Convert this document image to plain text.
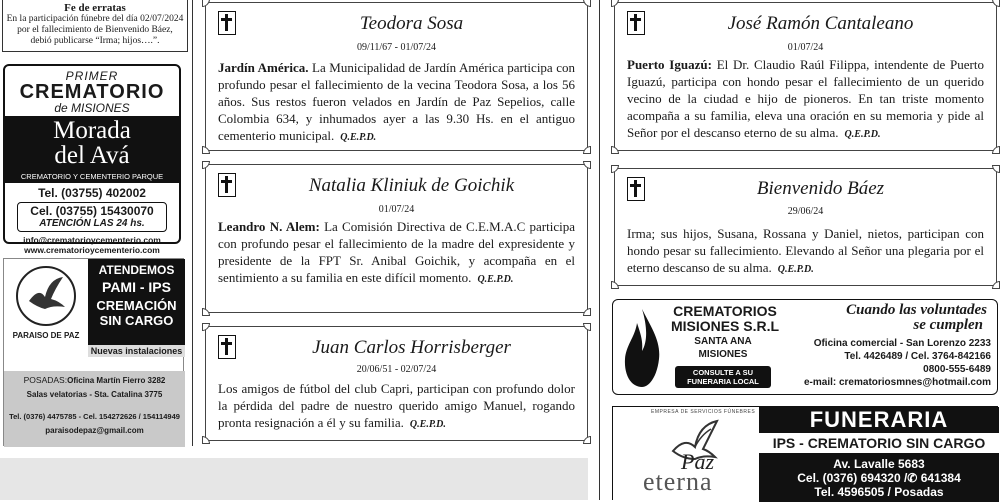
Fe de erratas
En la participación fúnebre del día 02/07/2024
por el fallecimiento de Bienvenido Báez,
debió publicarse “Irma; hijos….”.
PRIMER
CREMATORIO
de MISIONES
Morada
del Avá
CREMATORIO Y CEMENTERIO PARQUE
Tel. (03755) 402002
Cel. (03755) 15430070
ATENCIÓN LAS 24 hs.
info@crematorioycementerio.com
www.crematorioycementerio.com
PARAISO DE PAZ
ATENDEMOS
PAMI - IPS
CREMACIÓN
SIN CARGO
Nuevas instalaciones
POSADAS:Oficina Martín Fierro 3282
Salas velatorias - Sta. Catalina 3775
Tel. (0376) 4475785 - Cel. 154272626 / 154114949
paraisodepaz@gmail.com
Teodora Sosa
09/11/67 - 01/07/24
Jardín América. La Municipalidad de Jardín América participa con profundo pesar el fallecimiento de la vecina Teodora Sosa, a los 56 años. Sus restos fueron velados en Jardín de Paz Sepelios, calle Colombia 634, y inhumados ayer a las 9.30 Hs. en el antiguo cementerio municipal. Q.E.P.D.
Natalia Kliniuk de Goichik
01/07/24
Leandro N. Alem: La Comisión Directiva de C.E.M.A.C participa con profundo pesar el fallecimiento de la madre del expresidente y presidente de la FPT Sr. Anibal Goichik, y acompaña en el sentimiento a su familia en este difícil momento. Q.E.P.D.
Juan Carlos Horrisberger
20/06/51 - 02/07/24
Los amigos de fútbol del club Capri, participan con profundo dolor la pérdida del padre de nuestro querido amigo Manuel, rogando pronta resignación a él y su familia. Q.E.P.D.
José Ramón Cantaleano
01/07/24
Puerto Iguazú: El Dr. Claudio Raúl Filippa, intendente de Puerto Iguazú, participa con hondo pesar el fallecimiento de un querido vecino de la ciudad e hijo de pioneros. En tan triste momento acompaña a su familia, eleva una oración en su memoria y pide al Señor por el descanso eterno de su alma. Q.E.P.D.
Bienvenido Báez
29/06/24
Irma; sus hijos, Susana, Rossana y Daniel, nietos, participan con hondo pesar su fallecimiento. Elevando al Señor una plegaria por el eterno descanso de su alma. Q.E.P.D.
CREMATORIOS
MISIONES S.R.L
SANTA ANA
MISIONES
CONSULTE A SU
FUNERARIA LOCAL
Cuando las voluntades
se cumplen
Oficina comercial - San Lorenzo 2233
Tel. 4426489 / Cel. 3764-842166
0800-555-6489
e-mail: crematoriosmnes@hotmail.com
EMPRESA DE SERVICIOS FÚNEBRES
Paz
eterna
FUNERARIA
IPS - CREMATORIO SIN CARGO
Av. Lavalle 5683
Cel. (0376) 694320 /✆ 641384
Tel. 4596505 / Posadas
